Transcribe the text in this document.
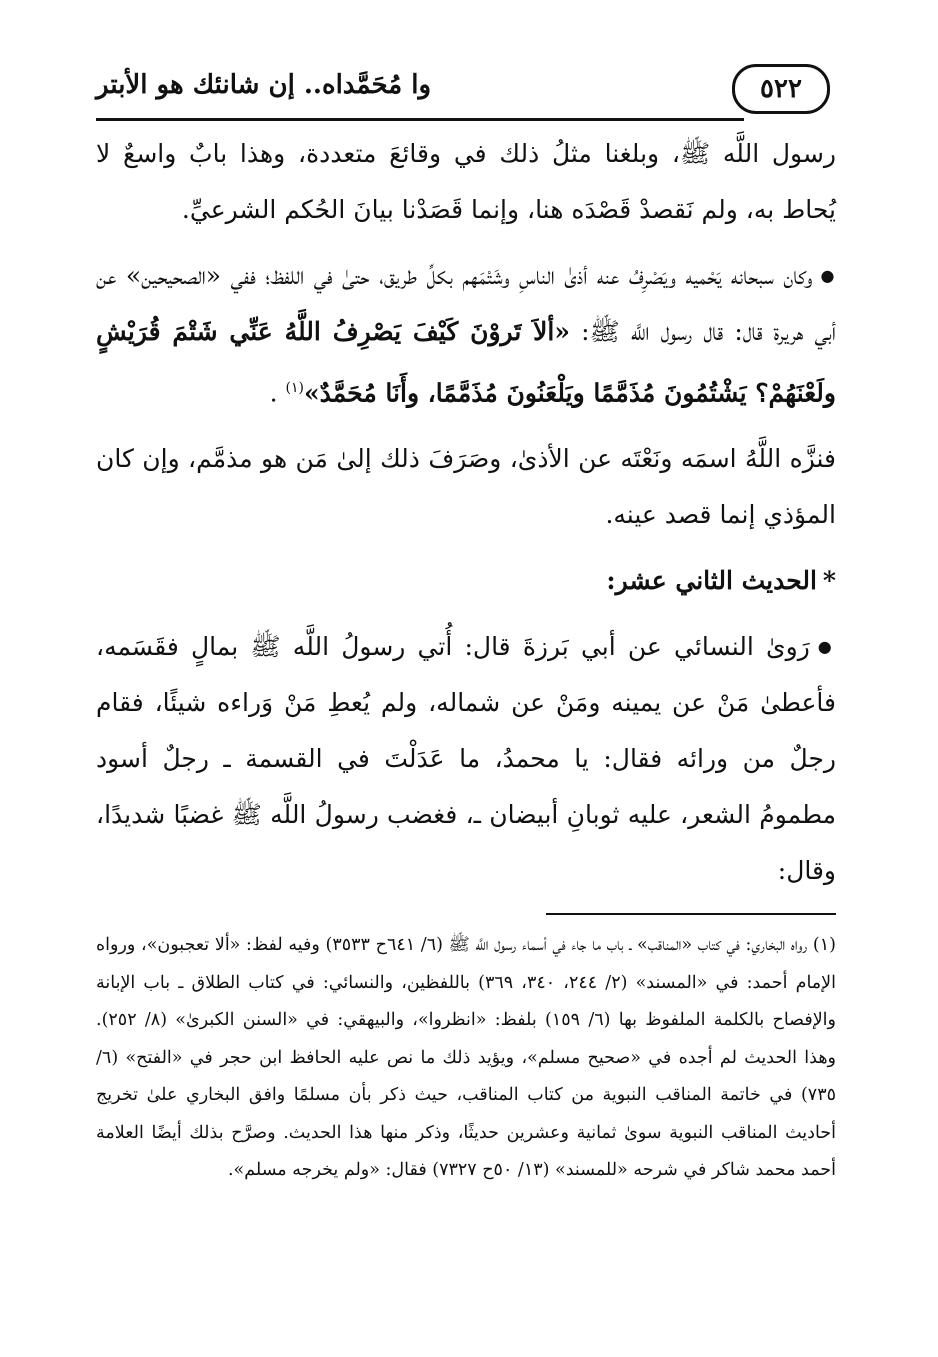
٥٢٢
وا مُحَمَّداه.. إن شانئك هو الأبتر

رسول اللَّه ﷺ، وبلغنا مثلُ ذلك في وقائعَ متعددة، وهذا بابٌ واسعٌ لا يُحاط به، ولم نَقصدْ قَصْدَه هنا، وإنما قَصَدْنا بيانَ الحُكم الشرعيِّ.

● وكان سبحانه يَحْميه ويَصْرِفُ عنه أذىٰ الناسِ وشَتْمَهم بكلِّ طريق، حتىٰ في اللفظ؛ ففي «الصحيحين» عن أبي هريرة قال: قال رسول اللَّه ﷺ: «ألاَ تَروْنَ كَيْفَ يَصْرِفُ اللَّهُ عَنِّي شَتْمَ قُرَيْشٍ ولَعْنَهُمْ؟ يَشْتُمُونَ مُذَمَّمًا ويَلْعَنُونَ مُذَمَّمًا، وأَنَا مُحَمَّدٌ»$^{(١)}$ .

فنزَّه اللَّهُ اسمَه ونَعْتَه عن الأذىٰ، وصَرَفَ ذلك إلىٰ مَن هو مذمَّم، وإن كان المؤذي إنما قصد عينه.

*الحديث الثاني عشر:

● رَوىٰ النسائي عن أبي بَرزةَ قال: أُتي رسولُ اللَّه ﷺ بمالٍ فقَسَمه، فأعطىٰ مَنْ عن يمينه ومَنْ عن شماله، ولم يُعطِ مَنْ وَراءه شيئًا، فقام رجلٌ من ورائه فقال: يا محمدُ، ما عَدَلْتَ في القسمة ـ رجلٌ أسود مطمومُ الشعر، عليه ثوبانِ أبيضان ـ، فغضب رسولُ اللَّه ﷺ غضبًا شديدًا، وقال:

(١) رواه البخاري: في كتاب «المناقب» ـ باب ما جاء في أسماء رسول اللَّه ﷺ (٦/ ٦٤١ح ٣٥٣٣) وفيه لفظ: «ألا تعجبون»، ورواه الإمام أحمد: في «المسند» (٢/ ٢٤٤، ٣٤٠، ٣٦٩) باللفظين، والنسائي: في كتاب الطلاق ـ باب الإبانة والإفصاح بالكلمة الملفوظ بها (٦/ ١٥٩) بلفظ: «انظروا»، والبيهقي: في «السنن الكبرىٰ» (٨/ ٢٥٢). وهذا الحديث لم أجده في «صحيح مسلم»، ويؤيد ذلك ما نص عليه الحافظ ابن حجر في «الفتح» (٦/ ٧٣٥) في خاتمة المناقب النبوية من كتاب المناقب، حيث ذكر بأن مسلمًا وافق البخاري علىٰ تخريج أحاديث المناقب النبوية سوىٰ ثمانية وعشرين حديثًا، وذكر منها هذا الحديث. وصرَّح بذلك أيضًا العلامة أحمد محمد شاكر في شرحه «للمسند» (١٣/ ٥٠ح ٧٣٢٧) فقال: «ولم يخرجه مسلم».
